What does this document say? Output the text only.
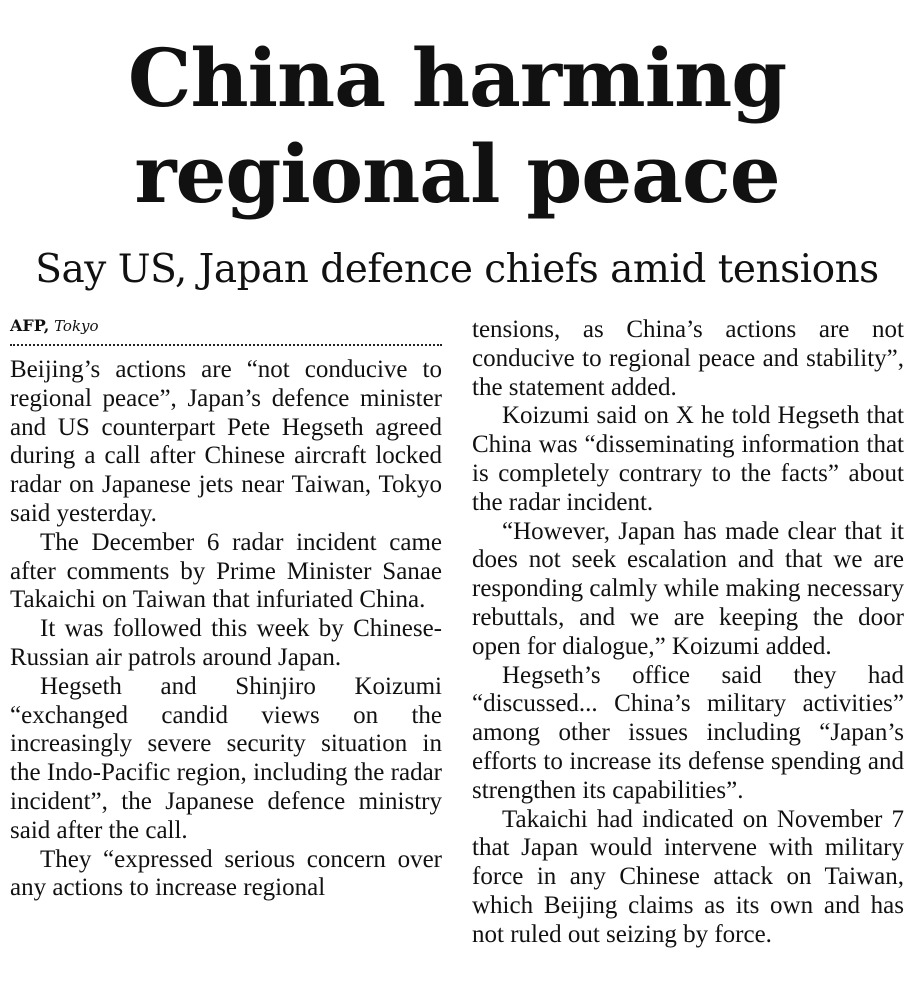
China harming
regional peace
Say US, Japan defence chiefs amid tensions
AFP, Tokyo

Beijing’s actions are “not conducive to regional peace”, Japan’s defence minister and US counterpart Pete Hegseth agreed during a call after Chinese aircraft locked radar on Japanese jets near Taiwan, Tokyo said yesterday.

The December 6 radar incident came after comments by Prime Minister Sanae Takaichi on Taiwan that infuriated China.

It was followed this week by Chinese-Russian air patrols around Japan.

Hegseth and Shinjiro Koizumi “exchanged candid views on the increasingly severe security situation in the Indo-Pacific region, including the radar incident”, the Japanese defence ministry said after the call.

They “expressed serious concern over any actions to increase regional

tensions, as China’s actions are not conducive to regional peace and stability”, the statement added.

Koizumi said on X he told Hegseth that China was “disseminating information that is completely contrary to the facts” about the radar incident.

“However, Japan has made clear that it does not seek escalation and that we are responding calmly while making necessary rebuttals, and we are keeping the door open for dialogue,” Koizumi added.

Hegseth’s office said they had “discussed... China’s military activities” among other issues including “Japan’s efforts to increase its defense spending and strengthen its capabilities”.

Takaichi had indicated on November 7 that Japan would intervene with military force in any Chinese attack on Taiwan, which Beijing claims as its own and has not ruled out seizing by force.
